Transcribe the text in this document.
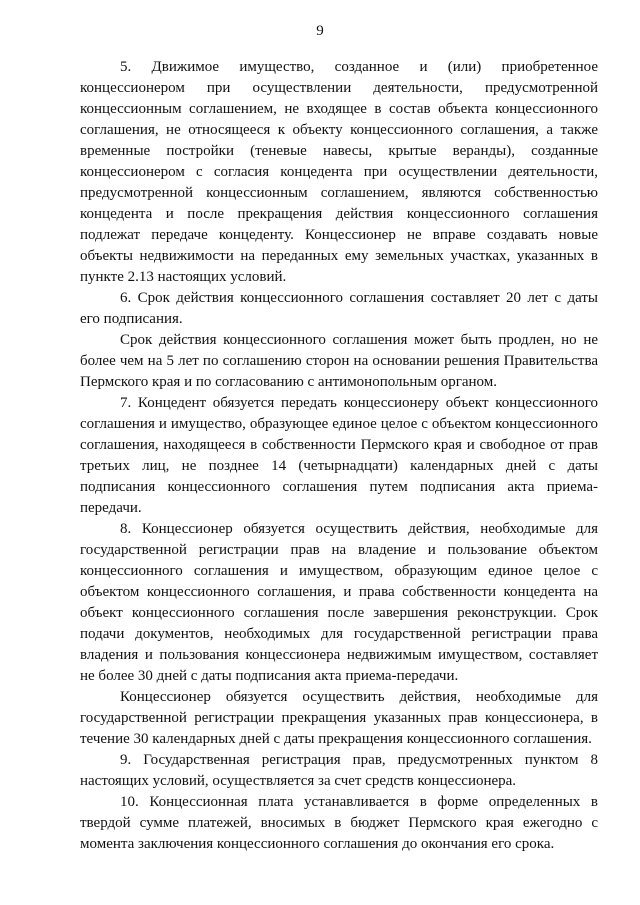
9

5. Движимое имущество, созданное и (или) приобретенное концессионером при осуществлении деятельности, предусмотренной концессионным соглашением, не входящее в состав объекта концессионного соглашения, не относящееся к объекту концессионного соглашения, а также временные постройки (теневые навесы, крытые веранды), созданные концессионером с согласия концедента при осуществлении деятельности, предусмотренной концессионным соглашением, являются собственностью концедента и после прекращения действия концессионного соглашения подлежат передаче концеденту. Концессионер не вправе создавать новые объекты недвижимости на переданных ему земельных участках, указанных в пункте 2.13 настоящих условий.

6. Срок действия концессионного соглашения составляет 20 лет с даты его подписания.

Срок действия концессионного соглашения может быть продлен, но не более чем на 5 лет по соглашению сторон на основании решения Правительства Пермского края и по согласованию с антимонопольным органом.

7. Концедент обязуется передать концессионеру объект концессионного соглашения и имущество, образующее единое целое с объектом концессионного соглашения, находящееся в собственности Пермского края и свободное от прав третьих лиц, не позднее 14 (четырнадцати) календарных дней с даты подписания концессионного соглашения путем подписания акта приема-передачи.

8. Концессионер обязуется осуществить действия, необходимые для государственной регистрации прав на владение и пользование объектом концессионного соглашения и имуществом, образующим единое целое с объектом концессионного соглашения, и права собственности концедента на объект концессионного соглашения после завершения реконструкции. Срок подачи документов, необходимых для государственной регистрации права владения и пользования концессионера недвижимым имуществом, составляет не более 30 дней с даты подписания акта приема-передачи.

Концессионер обязуется осуществить действия, необходимые для государственной регистрации прекращения указанных прав концессионера, в течение 30 календарных дней с даты прекращения концессионного соглашения.

9. Государственная регистрация прав, предусмотренных пунктом 8 настоящих условий, осуществляется за счет средств концессионера.

10. Концессионная плата устанавливается в форме определенных в твердой сумме платежей, вносимых в бюджет Пермского края ежегодно с момента заключения концессионного соглашения до окончания его срока.
